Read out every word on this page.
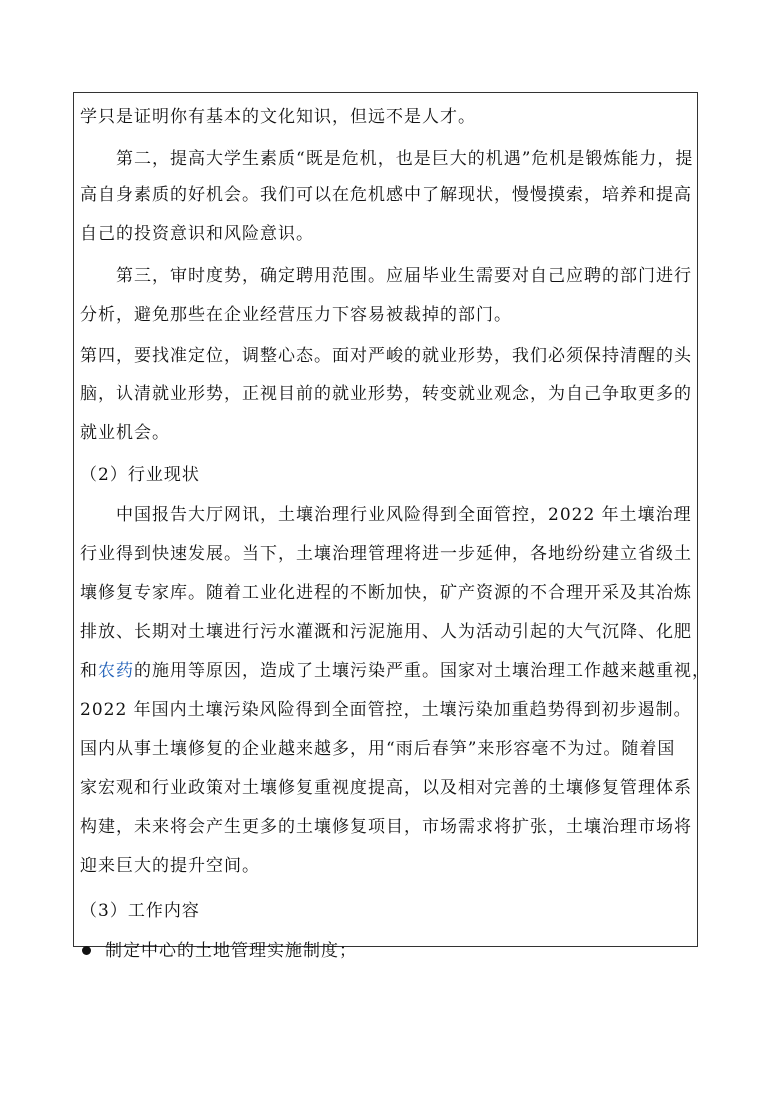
学只是证明你有基本的文化知识，但远不是人才。
第二，提高大学生素质“既是危机，也是巨大的机遇”危机是锻炼能力，提
高自身素质的好机会。我们可以在危机感中了解现状，慢慢摸索，培养和提高
自己的投资意识和风险意识。
第三，审时度势，确定聘用范围。应届毕业生需要对自己应聘的部门进行
分析，避免那些在企业经营压力下容易被裁掉的部门。
第四，要找准定位，调整心态。面对严峻的就业形势，我们必须保持清醒的头
脑，认清就业形势，正视目前的就业形势，转变就业观念，为自己争取更多的
就业机会。
（2）行业现状
中国报告大厅网讯，土壤治理行业风险得到全面管控，2022 年土壤治理
行业得到快速发展。当下，土壤治理管理将进一步延伸，各地纷纷建立省级土
壤修复专家库。随着工业化进程的不断加快，矿产资源的不合理开采及其冶炼
排放、长期对土壤进行污水灌溉和污泥施用、人为活动引起的大气沉降、化肥
和农药的施用等原因，造成了土壤污染严重。国家对土壤治理工作越来越重视，
2022 年国内土壤污染风险得到全面管控，土壤污染加重趋势得到初步遏制。
国内从事土壤修复的企业越来越多，用“雨后春笋”来形容毫不为过。随着国
家宏观和行业政策对土壤修复重视度提高，以及相对完善的土壤修复管理体系
构建，未来将会产生更多的土壤修复项目，市场需求将扩张，土壤治理市场将
迎来巨大的提升空间。
（3）工作内容
制定中心的土地管理实施制度；
